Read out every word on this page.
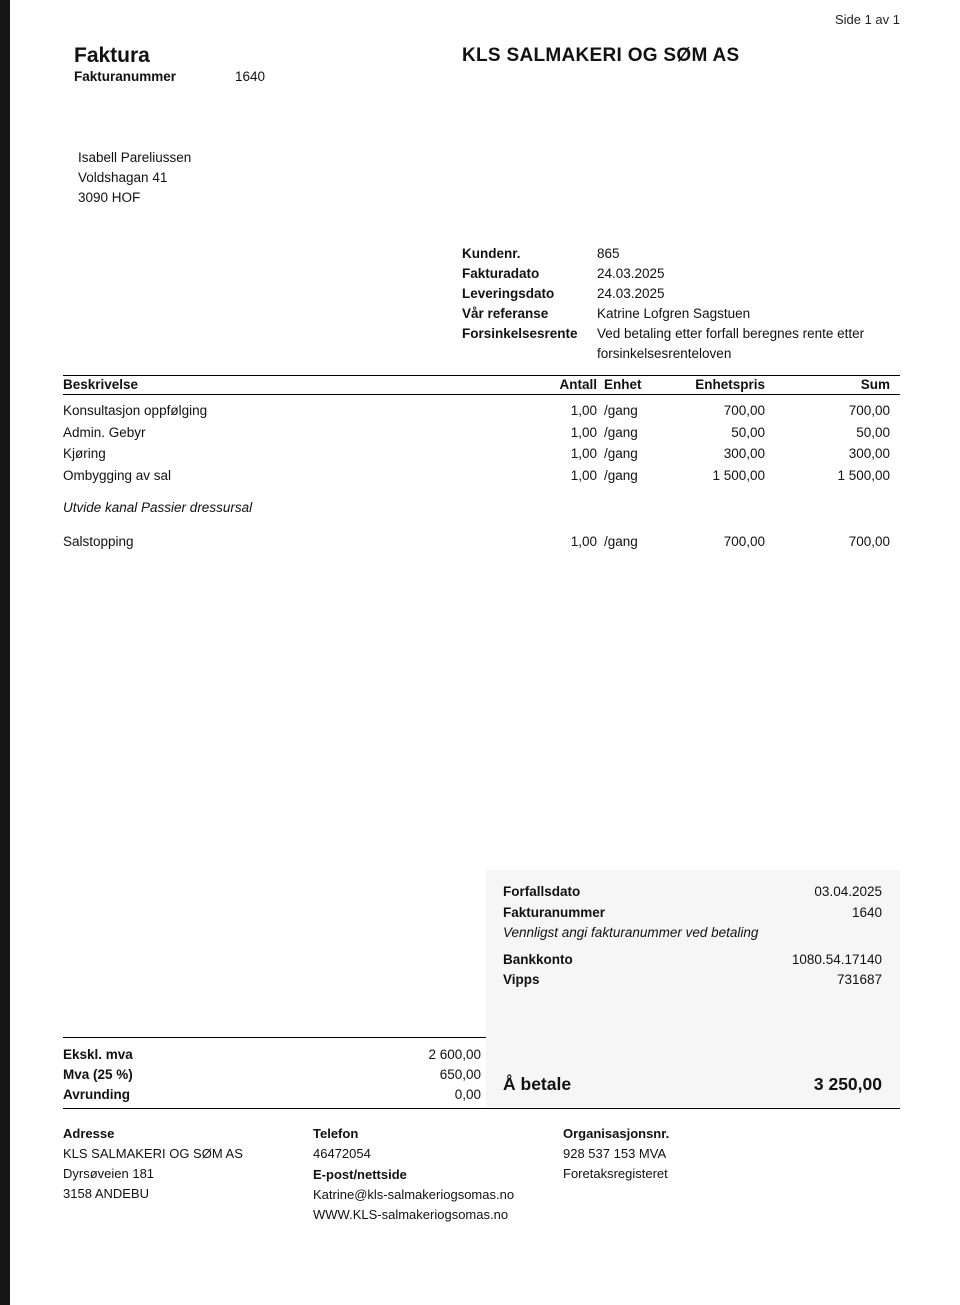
Side 1 av 1
Faktura
Fakturanummer	1640
KLS SALMAKERI OG SØM AS
Isabell Pareliussen
Voldshagan 41
3090 HOF
Kundenr.	865
Fakturadato	24.03.2025
Leveringsdato	24.03.2025
Vår referanse	Katrine Lofgren Sagstuen
Forsinkelsesrente	Ved betaling etter forfall beregnes rente etter forsinkelsesrenteloven
Beskrivelse	Antall Enhet	Enhetspris	Sum
Konsultasjon oppfølging	1,00 /gang	700,00	700,00
Admin. Gebyr	1,00 /gang	50,00	50,00
Kjøring	1,00 /gang	300,00	300,00
Ombygging av sal	1,00 /gang	1 500,00	1 500,00
Utvide kanal Passier dressursal
Salstopping	1,00 /gang	700,00	700,00
Forfallsdato	03.04.2025
Fakturanummer	1640
Vennligst angi fakturanummer ved betaling
Bankkonto	1080.54.17140
Vipps	731687
Å betale	3 250,00
Ekskl. mva	2 600,00
Mva (25 %)	650,00
Avrunding	0,00
Adresse
KLS SALMAKERI OG SØM AS
Dyrsøveien 181
3158 ANDEBU
Telefon
46472054
E-post/nettside
Katrine@kls-salmakeriogsomas.no
WWW.KLS-salmakeriogsomas.no
Organisasjonsnr.
928 537 153 MVA
Foretaksregisteret
